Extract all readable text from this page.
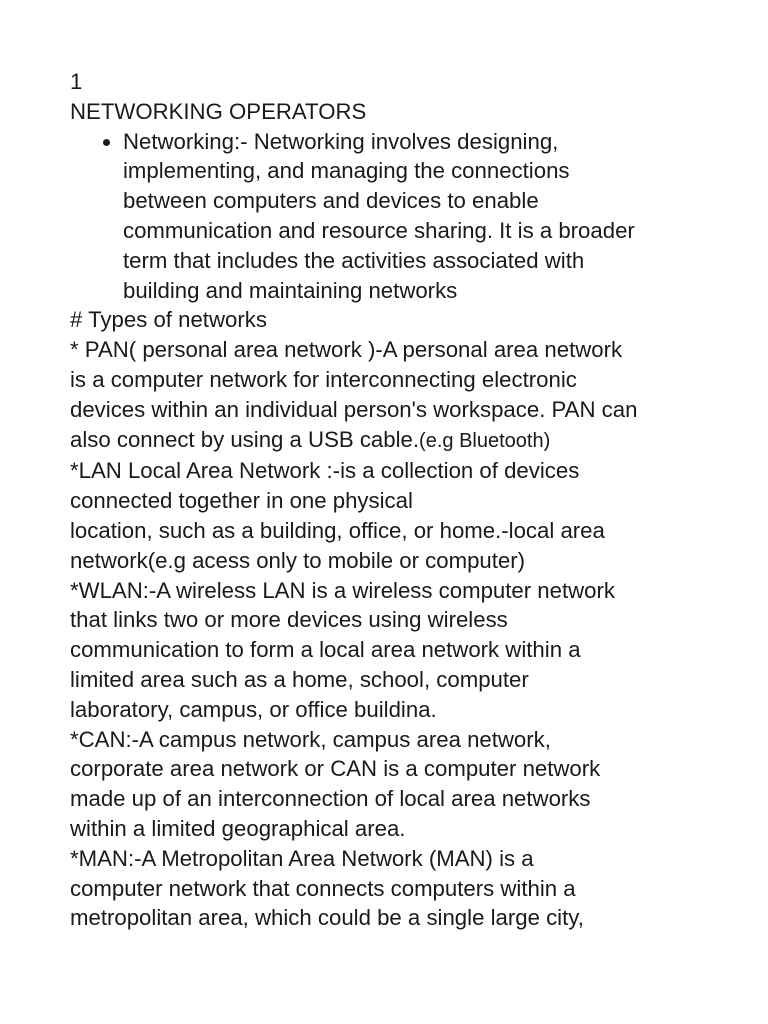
1
NETWORKING OPERATORS
Networking:- Networking involves designing,
implementing, and managing the connections
between computers and devices to enable
communication and resource sharing. It is a broader
term that includes the activities associated with
building and maintaining networks
# Types of networks
* PAN( personal area network )-A personal area network
is a computer network for interconnecting electronic
devices within an individual person's workspace. PAN can
also connect by using a USB cable.(e.g Bluetooth)
*LAN Local Area Network :-is a collection of devices
connected together in one physical
location, such as a building, office, or home.-local area
network(e.g acess only to mobile or computer)
*WLAN:-A wireless LAN is a wireless computer network
that links two or more devices using wireless
communication to form a local area network within a
limited area such as a home, school, computer
laboratory, campus, or office buildina.
*CAN:-A campus network, campus area network,
corporate area network or CAN is a computer network
made up of an interconnection of local area networks
within a limited geographical area.
*MAN:-A Metropolitan Area Network (MAN) is a
computer network that connects computers within a
metropolitan area, which could be a single large city,
